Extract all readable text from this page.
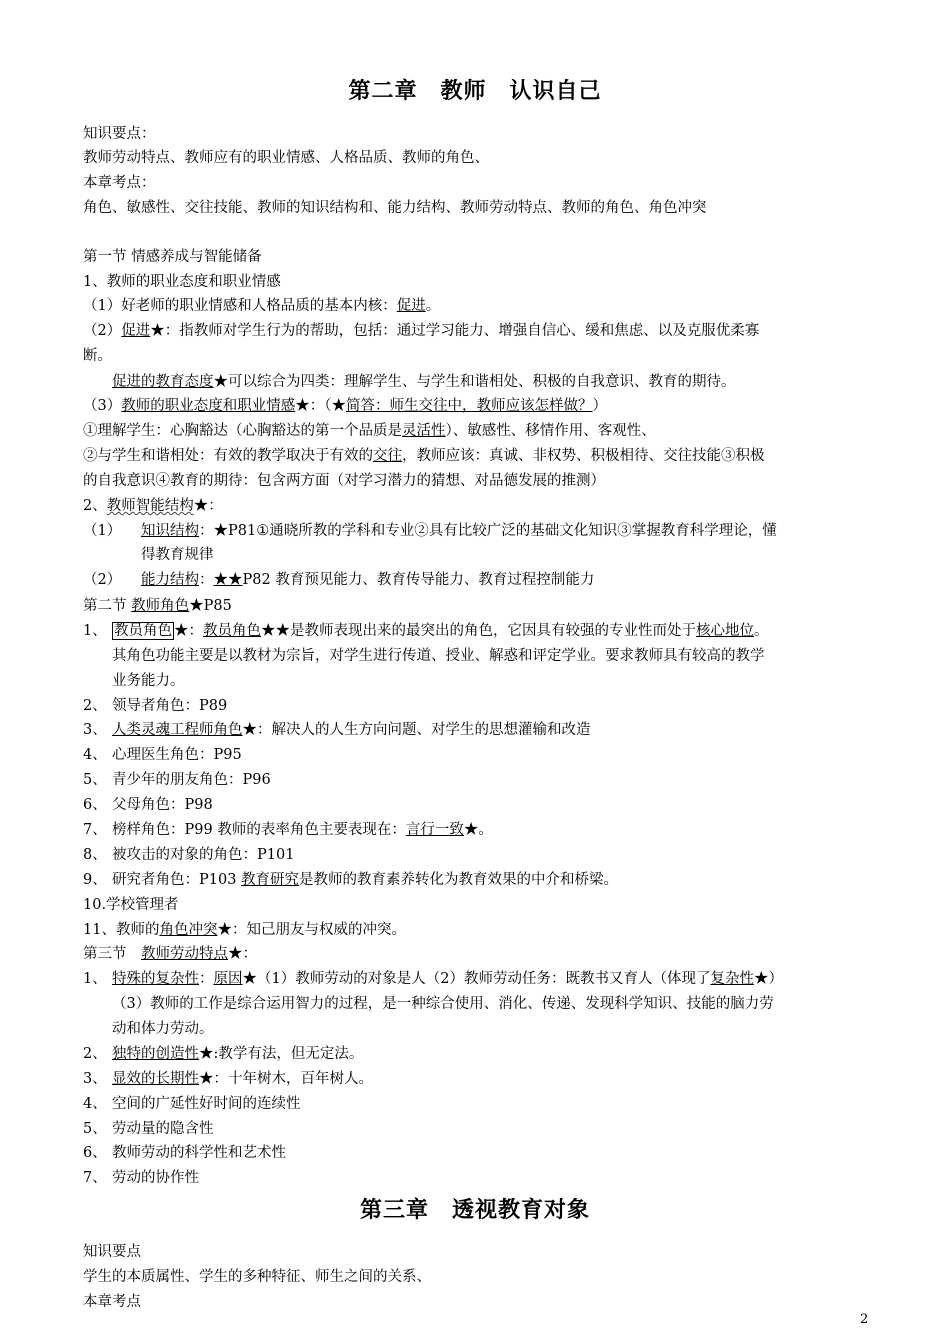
第二章　教师　认识自己
知识要点：
教师劳动特点、教师应有的职业情感、人格品质、教师的角色、
本章考点：
角色、敏感性、交往技能、教师的知识结构和、能力结构、教师劳动特点、教师的角色、角色冲突
第一节 情感养成与智能储备
1、教师的职业态度和职业情感
（1）好老师的职业情感和人格品质的基本内核：促进。
（2）促进★：指教师对学生行为的帮助，包括：通过学习能力、增强自信心、缓和焦虑、以及克服优柔寡
断。
促进的教育态度★可以综合为四类：理解学生、与学生和谐相处、积极的自我意识、教育的期待。
（3）教师的职业态度和职业情感★：（★简答：师生交往中，教师应该怎样做？）
①理解学生：心胸豁达（心胸豁达的第一个品质是灵活性）、敏感性、移情作用、客观性、
②与学生和谐相处：有效的教学取决于有效的交往，教师应该：真诚、非权势、积极相待、交往技能③积极
的自我意识④教育的期待：包含两方面（对学习潜力的猜想、对品德发展的推测）
2、教师智能结构★：
（1）	知识结构：★P81①通晓所教的学科和专业②具有比较广泛的基础文化知识③掌握教育科学理论，懂
得教育规律
（2）	能力结构：★★P82 教育预见能力、教育传导能力、教育过程控制能力
第二节 教师角色★P85
1、 教员角色 ★：教员角色★★是教师表现出来的最突出的角色，它因具有较强的专业性而处于核心地位。
其角色功能主要是以教材为宗旨，对学生进行传道、授业、解惑和评定学业。要求教师具有较高的教学
业务能力。
2、 领导者角色：P89
3、 人类灵魂工程师角色★：解决人的人生方向问题、对学生的思想灌输和改造
4、 心理医生角色：P95
5、 青少年的朋友角色：P96
6、 父母角色：P98
7、 榜样角色：P99 教师的表率角色主要表现在：言行一致★。
8、 被攻击的对象的角色：P101
9、 研究者角色：P103 教育研究是教师的教育素养转化为教育效果的中介和桥梁。
10.学校管理者
11、教师的角色冲突★：知己朋友与权威的冲突。
第三节　教师劳动特点★：
1、 特殊的复杂性：原因★（1）教师劳动的对象是人（2）教师劳动任务：既教书又育人（体现了复杂性★）
（3）教师的工作是综合运用智力的过程，是一种综合使用、消化、传递、发现科学知识、技能的脑力劳
动和体力劳动。
2、 独特的创造性★:教学有法，但无定法。
3、 显效的长期性★：十年树木，百年树人。
4、 空间的广延性好时间的连续性
5、 劳动量的隐含性
6、 教师劳动的科学性和艺术性
7、 劳动的协作性
第三章　透视教育对象
知识要点
学生的本质属性、学生的多种特征、师生之间的关系、
本章考点
2
